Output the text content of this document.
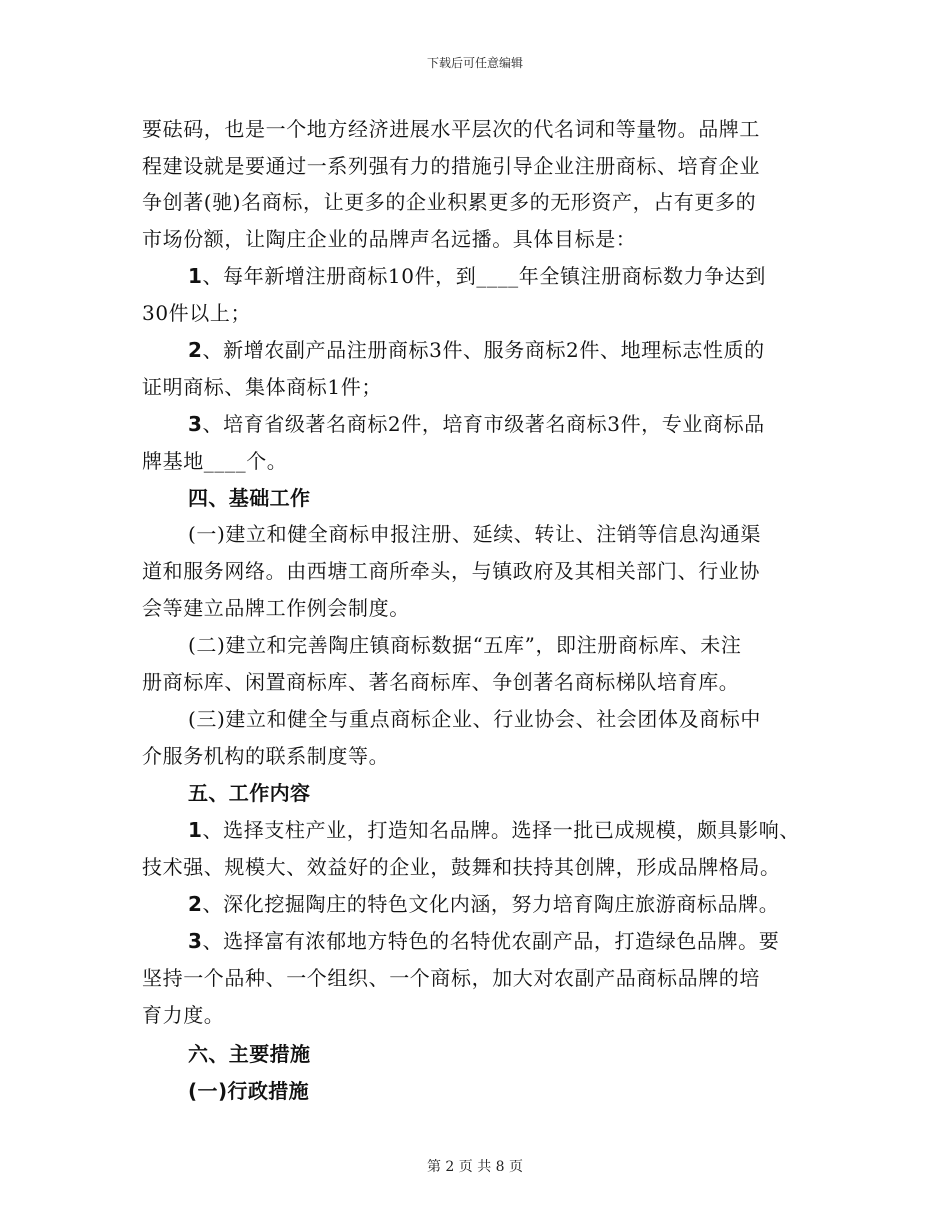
下载后可任意编辑
要砝码，也是一个地方经济进展水平层次的代名词和等量物。品牌工
程建设就是要通过一系列强有力的措施引导企业注册商标、培育企业
争创著(驰)名商标，让更多的企业积累更多的无形资产，占有更多的
市场份额，让陶庄企业的品牌声名远播。具体目标是：
1、每年新增注册商标10件，到____年全镇注册商标数力争达到
30件以上；
2、新增农副产品注册商标3件、服务商标2件、地理标志性质的
证明商标、集体商标1件；
3、培育省级著名商标2件，培育市级著名商标3件，专业商标品
牌基地____个。
四、基础工作
(一)建立和健全商标申报注册、延续、转让、注销等信息沟通渠
道和服务网络。由西塘工商所牵头，与镇政府及其相关部门、行业协
会等建立品牌工作例会制度。
(二)建立和完善陶庄镇商标数据“五库”，即注册商标库、未注
册商标库、闲置商标库、著名商标库、争创著名商标梯队培育库。
(三)建立和健全与重点商标企业、行业协会、社会团体及商标中
介服务机构的联系制度等。
五、工作内容
1、选择支柱产业，打造知名品牌。选择一批已成规模，颇具影响、
技术强、规模大、效益好的企业，鼓舞和扶持其创牌，形成品牌格局。
2、深化挖掘陶庄的特色文化内涵，努力培育陶庄旅游商标品牌。
3、选择富有浓郁地方特色的名特优农副产品，打造绿色品牌。要
坚持一个品种、一个组织、一个商标，加大对农副产品商标品牌的培
育力度。
六、主要措施
(一)行政措施
第 2 页 共 8 页
